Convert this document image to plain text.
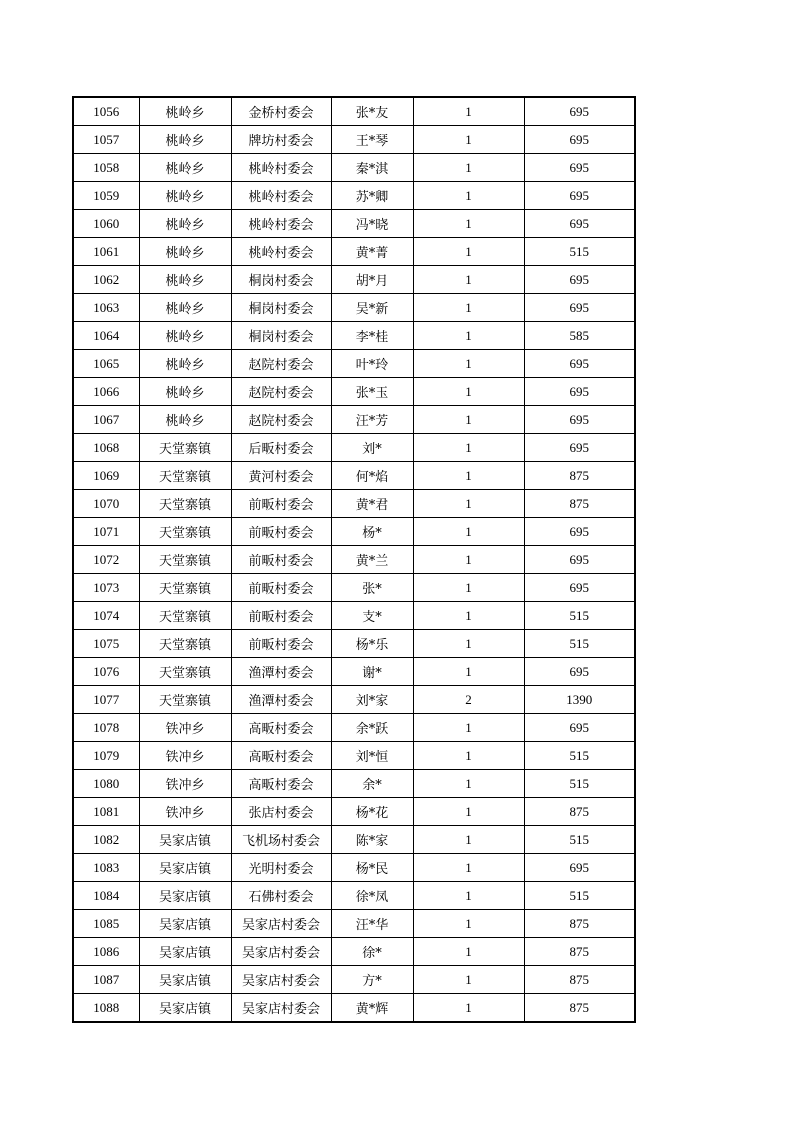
1056	桃岭乡	金桥村委会	张*友	1	695
1057	桃岭乡	牌坊村委会	王*琴	1	695
1058	桃岭乡	桃岭村委会	秦*淇	1	695
1059	桃岭乡	桃岭村委会	苏*卿	1	695
1060	桃岭乡	桃岭村委会	冯*晓	1	695
1061	桃岭乡	桃岭村委会	黄*菁	1	515
1062	桃岭乡	桐岗村委会	胡*月	1	695
1063	桃岭乡	桐岗村委会	吴*新	1	695
1064	桃岭乡	桐岗村委会	李*桂	1	585
1065	桃岭乡	赵院村委会	叶*玲	1	695
1066	桃岭乡	赵院村委会	张*玉	1	695
1067	桃岭乡	赵院村委会	汪*芳	1	695
1068	天堂寨镇	后畈村委会	刘*	1	695
1069	天堂寨镇	黄河村委会	何*焰	1	875
1070	天堂寨镇	前畈村委会	黄*君	1	875
1071	天堂寨镇	前畈村委会	杨*	1	695
1072	天堂寨镇	前畈村委会	黄*兰	1	695
1073	天堂寨镇	前畈村委会	张*	1	695
1074	天堂寨镇	前畈村委会	支*	1	515
1075	天堂寨镇	前畈村委会	杨*乐	1	515
1076	天堂寨镇	渔潭村委会	谢*	1	695
1077	天堂寨镇	渔潭村委会	刘*家	2	1390
1078	铁冲乡	高畈村委会	余*跃	1	695
1079	铁冲乡	高畈村委会	刘*恒	1	515
1080	铁冲乡	高畈村委会	余*	1	515
1081	铁冲乡	张店村委会	杨*花	1	875
1082	吴家店镇	飞机场村委会	陈*家	1	515
1083	吴家店镇	光明村委会	杨*民	1	695
1084	吴家店镇	石佛村委会	徐*凤	1	515
1085	吴家店镇	吴家店村委会	汪*华	1	875
1086	吴家店镇	吴家店村委会	徐*	1	875
1087	吴家店镇	吴家店村委会	方*	1	875
1088	吴家店镇	吴家店村委会	黄*辉	1	875
